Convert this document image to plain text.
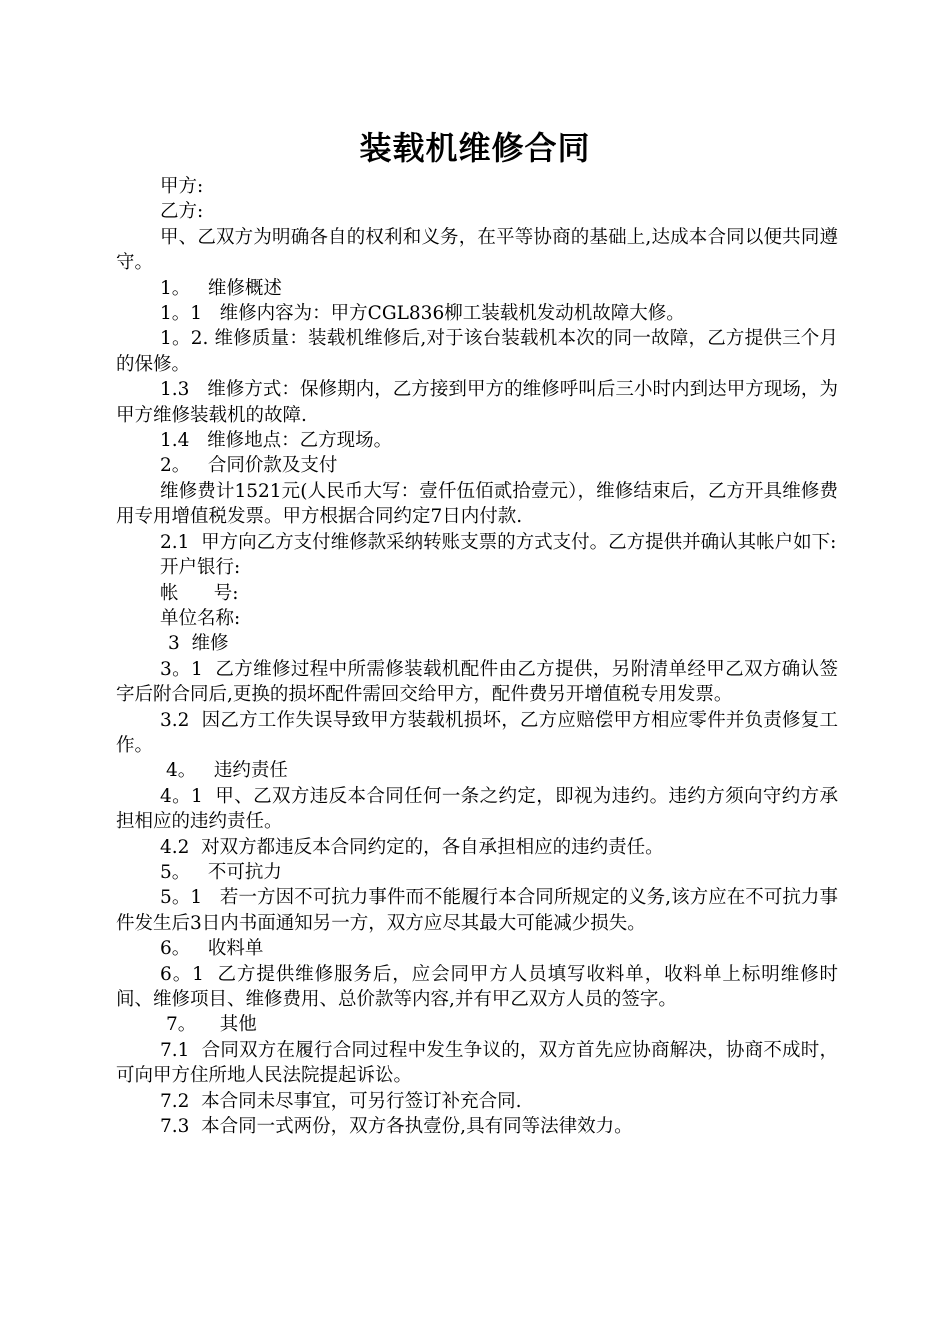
装载机维修合同

甲方:

乙方:

甲、乙双方为明确各自的权利和义务，在平等协商的基础上,达成本合同以便共同遵守。

1。   维修概述

1。1   维修内容为：甲方CGL836柳工装载机发动机故障大修。

1。2. 维修质量：装载机维修后,对于该台装载机本次的同一故障，乙方提供三个月的保修。

1.3   维修方式：保修期内，乙方接到甲方的维修呼叫后三小时内到达甲方现场，为甲方维修装载机的故障.

1.4   维修地点：乙方现场。

2。   合同价款及支付

维修费计1521元(人民币大写：壹仟伍佰贰拾壹元），维修结束后，乙方开具维修费用专用增值税发票。甲方根据合同约定7日内付款.

2.1  甲方向乙方支付维修款采纳转账支票的方式支付。乙方提供并确认其帐户如下:

开户银行:

帐      号:

单位名称:

3  维修

3。1  乙方维修过程中所需修装载机配件由乙方提供，另附清单经甲乙双方确认签字后附合同后,更换的损坏配件需回交给甲方，配件费另开增值税专用发票。

3.2  因乙方工作失误导致甲方装载机损坏，乙方应赔偿甲方相应零件并负责修复工作。

4。   违约责任

4。1  甲、乙双方违反本合同任何一条之约定，即视为违约。违约方须向守约方承担相应的违约责任。

4.2  对双方都违反本合同约定的，各自承担相应的违约责任。

5。   不可抗力

5。1   若一方因不可抗力事件而不能履行本合同所规定的义务,该方应在不可抗力事件发生后3日内书面通知另一方，双方应尽其最大可能减少损失。

6。   收料单

6。1  乙方提供维修服务后，应会同甲方人员填写收料单，收料单上标明维修时间、维修项目、维修费用、总价款等内容,并有甲乙双方人员的签字。

7。    其他

7.1  合同双方在履行合同过程中发生争议的，双方首先应协商解决，协商不成时，可向甲方住所地人民法院提起诉讼。

7.2  本合同未尽事宜，可另行签订补充合同.

7.3  本合同一式两份，双方各执壹份,具有同等法律效力。
